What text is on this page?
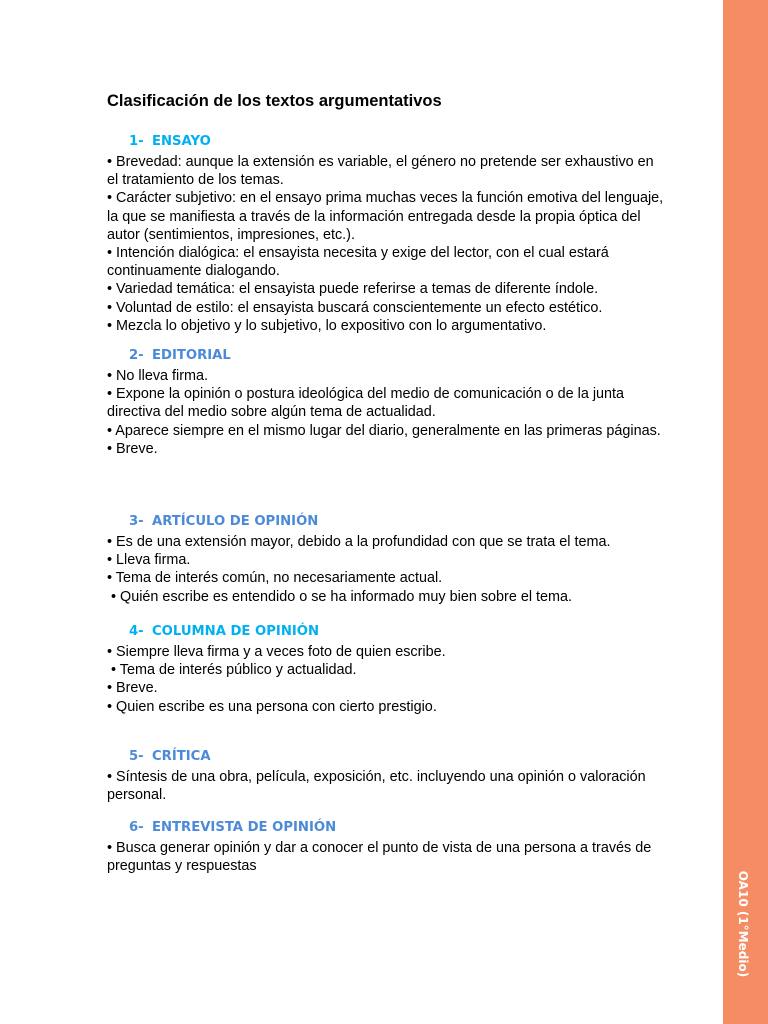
OA10 (1°Medio)
Clasificación de los textos argumentativos
1- ENSAYO
• Brevedad: aunque la extensión es variable, el género no pretende ser exhaustivo en el tratamiento de los temas.
• Carácter subjetivo: en el ensayo prima muchas veces la función emotiva del lenguaje, la que se manifiesta a través de la información entregada desde la propia óptica del autor (sentimientos, impresiones, etc.).
• Intención dialógica: el ensayista necesita y exige del lector, con el cual estará continuamente dialogando.
• Variedad temática: el ensayista puede referirse a temas de diferente índole.
• Voluntad de estilo: el ensayista buscará conscientemente un efecto estético.
• Mezcla lo objetivo y lo subjetivo, lo expositivo con lo argumentativo.
2- EDITORIAL
• No lleva firma.
• Expone la opinión o postura ideológica del medio de comunicación o de la junta directiva del medio sobre algún tema de actualidad.
• Aparece siempre en el mismo lugar del diario, generalmente en las primeras páginas.
• Breve.
3- ARTÍCULO DE OPINIÓN
• Es de una extensión mayor, debido a la profundidad con que se trata el tema.
• Lleva firma.
• Tema de interés común, no necesariamente actual.
• Quién escribe es entendido o se ha informado muy bien sobre el tema.
4- COLUMNA DE OPINIÓN
• Siempre lleva firma y a veces foto de quien escribe.
• Tema de interés público y actualidad.
• Breve.
• Quien escribe es una persona con cierto prestigio.
5- CRÍTICA
• Síntesis de una obra, película, exposición, etc. incluyendo una opinión o valoración personal.
6- ENTREVISTA DE OPINIÓN
• Busca generar opinión y dar a conocer el punto de vista de una persona a través de preguntas y respuestas
